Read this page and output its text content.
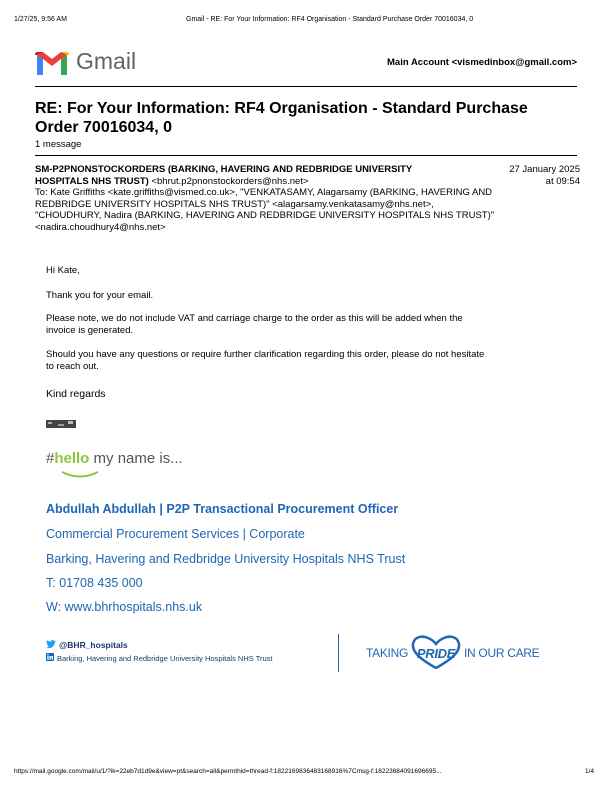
1/27/25, 9:56 AM	Gmail - RE: For Your Information: RF4 Organisation - Standard Purchase Order 70016034, 0
Gmail	Main Account <vismedinbox@gmail.com>
RE: For Your Information: RF4 Organisation - Standard Purchase Order 70016034, 0
1 message
SM-P2PNONSTOCKORDERS (BARKING, HAVERING AND REDBRIDGE UNIVERSITY	27 January 2025
HOSPITALS NHS TRUST) <bhrut.p2pnonstockorders@nhs.net>	at 09:54
To: Kate Griffiths <kate.griffiths@vismed.co.uk>, "VENKATASAMY, Alagarsamy (BARKING, HAVERING AND
REDBRIDGE UNIVERSITY HOSPITALS NHS TRUST)" <alagarsamy.venkatasamy@nhs.net>,
"CHOUDHURY, Nadira (BARKING, HAVERING AND REDBRIDGE UNIVERSITY HOSPITALS NHS TRUST)"
<nadira.choudhury4@nhs.net>

Hi Kate,

Thank you for your email.

Please note, we do not include VAT and carriage charge to the order as this will be added when the

invoice is generated.

Should you have any questions or require further clarification regarding this order, please do not hesitate

to reach out.

Kind regards
#hello my name is...
Abdullah Abdullah | P2P Transactional Procurement Officer
Commercial Procurement Services | Corporate
Barking, Havering and Redbridge University Hospitals NHS Trust
T: 01708 435 000
W: www.bhrhospitals.nhs.uk
@BHR_hospitals
Barking, Havering and Redbridge University Hospitals NHS Trust	TAKING PRIDE IN OUR CARE
https://mail.google.com/mail/u/1/?ik=22eb7d1d9e&view=pt&search=all&permthid=thread-f:1822169836483168916%7Cmsg-f:18223684091696695...	1/4
